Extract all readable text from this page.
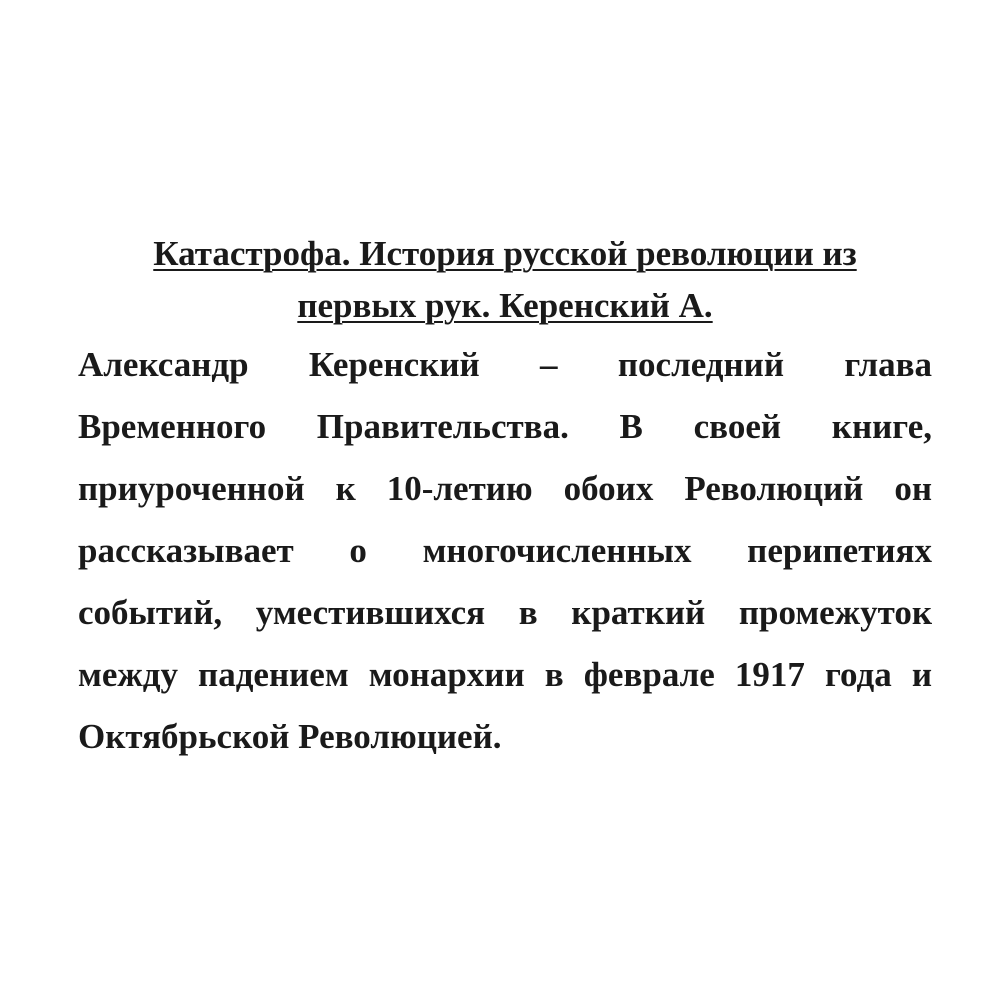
Катастрофа. История русской революции из
первых рук. Керенский А.
Александр Керенский – последний глава
Временного Правительства. В своей книге,
приуроченной к 10-летию обоих Революций он
рассказывает о многочисленных перипетиях
событий, уместившихся в краткий промежуток
между падением монархии в феврале 1917 года и
Октябрьской Революцией.
